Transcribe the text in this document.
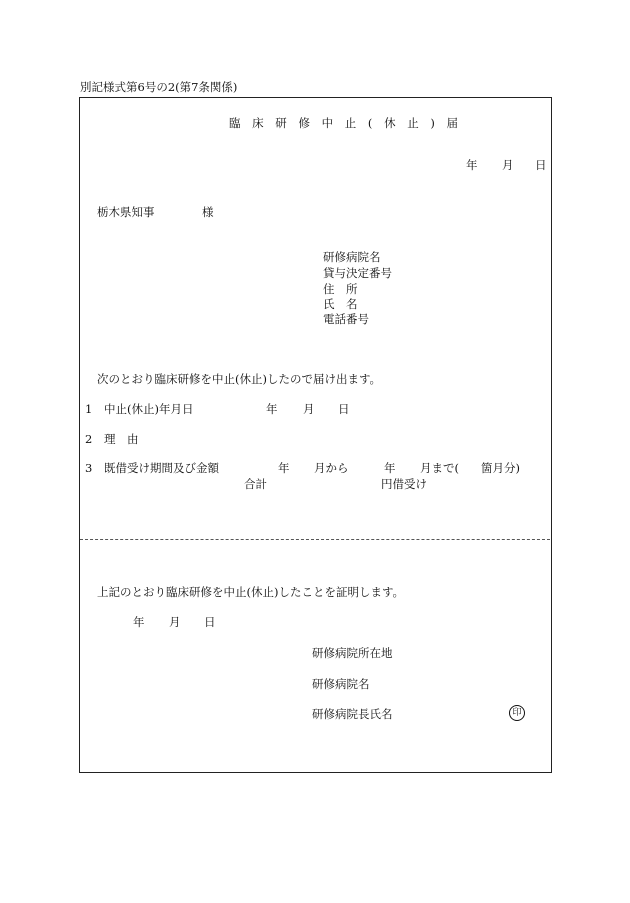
別記様式第6号の2(第7条関係)
臨 床 研 修 中 止 ( 休 止 ) 届
年 月 日
栃木県知事	様
研修病院名
貸与決定番号
住　所
氏　名
電話番号
次のとおり臨床研修を中止(休止)したので届け出ます。
1 中止(休止)年月日	年 月 日
2 理　由
3 既借受け期間及び金額	年 月から	年 月まで( 箇月分)
合計	円借受け
上記のとおり臨床研修を中止(休止)したことを証明します。
年 月 日
研修病院所在地
研修病院名
研修病院長氏名	印
